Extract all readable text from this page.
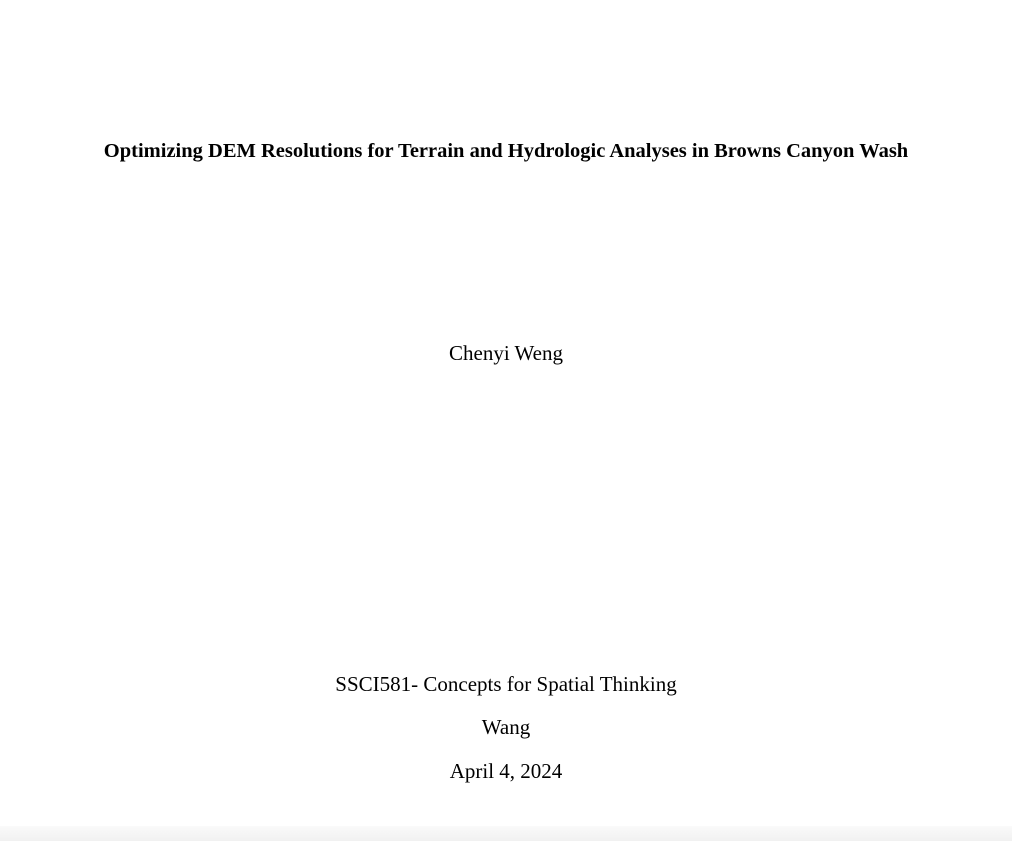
Optimizing DEM Resolutions for Terrain and Hydrologic Analyses in Browns Canyon Wash
Chenyi Weng
SSCI581- Concepts for Spatial Thinking
Wang
April 4, 2024
